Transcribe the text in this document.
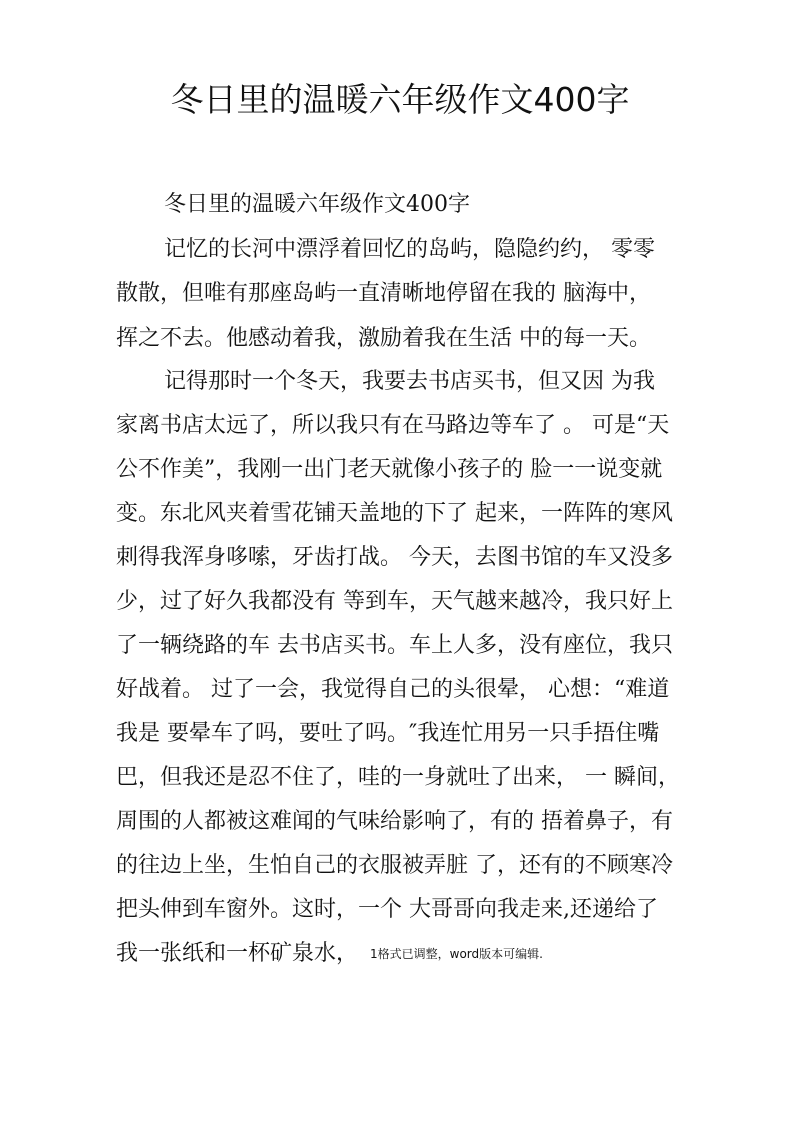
冬日里的温暖六年级作文400字
冬日里的温暖六年级作文400字
记忆的长河中漂浮着回忆的岛屿，隐隐约约， 零零
散散，但唯有那座岛屿一直清晰地停留在我的 脑海中，
挥之不去。他感动着我，激励着我在生活 中的每一天。
记得那时一个冬天，我要去书店买书，但又因 为我
家离书店太远了，所以我只有在马路边等车了 。 可是“天
公不作美”，我刚一出门老天就像小孩子的 脸一一说变就
变。东北风夹着雪花铺天盖地的下了 起来，一阵阵的寒风
刺得我浑身哆嗦，牙齿打战。 今天，去图书馆的车又没多
少，过了好久我都没有 等到车，天气越来越冷，我只好上
了一辆绕路的车 去书店买书。车上人多，没有座位，我只
好战着。 过了一会，我觉得自己的头很晕， 心想：“难道
我是 要晕车了吗，要吐了吗。″我连忙用另一只手捂住嘴
巴，但我还是忍不住了，哇的一身就吐了出来， 一 瞬间，
周围的人都被这难闻的气味给影响了，有的 捂着鼻子，有
的往边上坐，生怕自己的衣服被弄脏 了，还有的不顾寒冷
把头伸到车窗外。这时，一个 大哥哥向我走来,还递给了
我一张纸和一杯矿泉水， 1格式已调整，word版本可编辑.
